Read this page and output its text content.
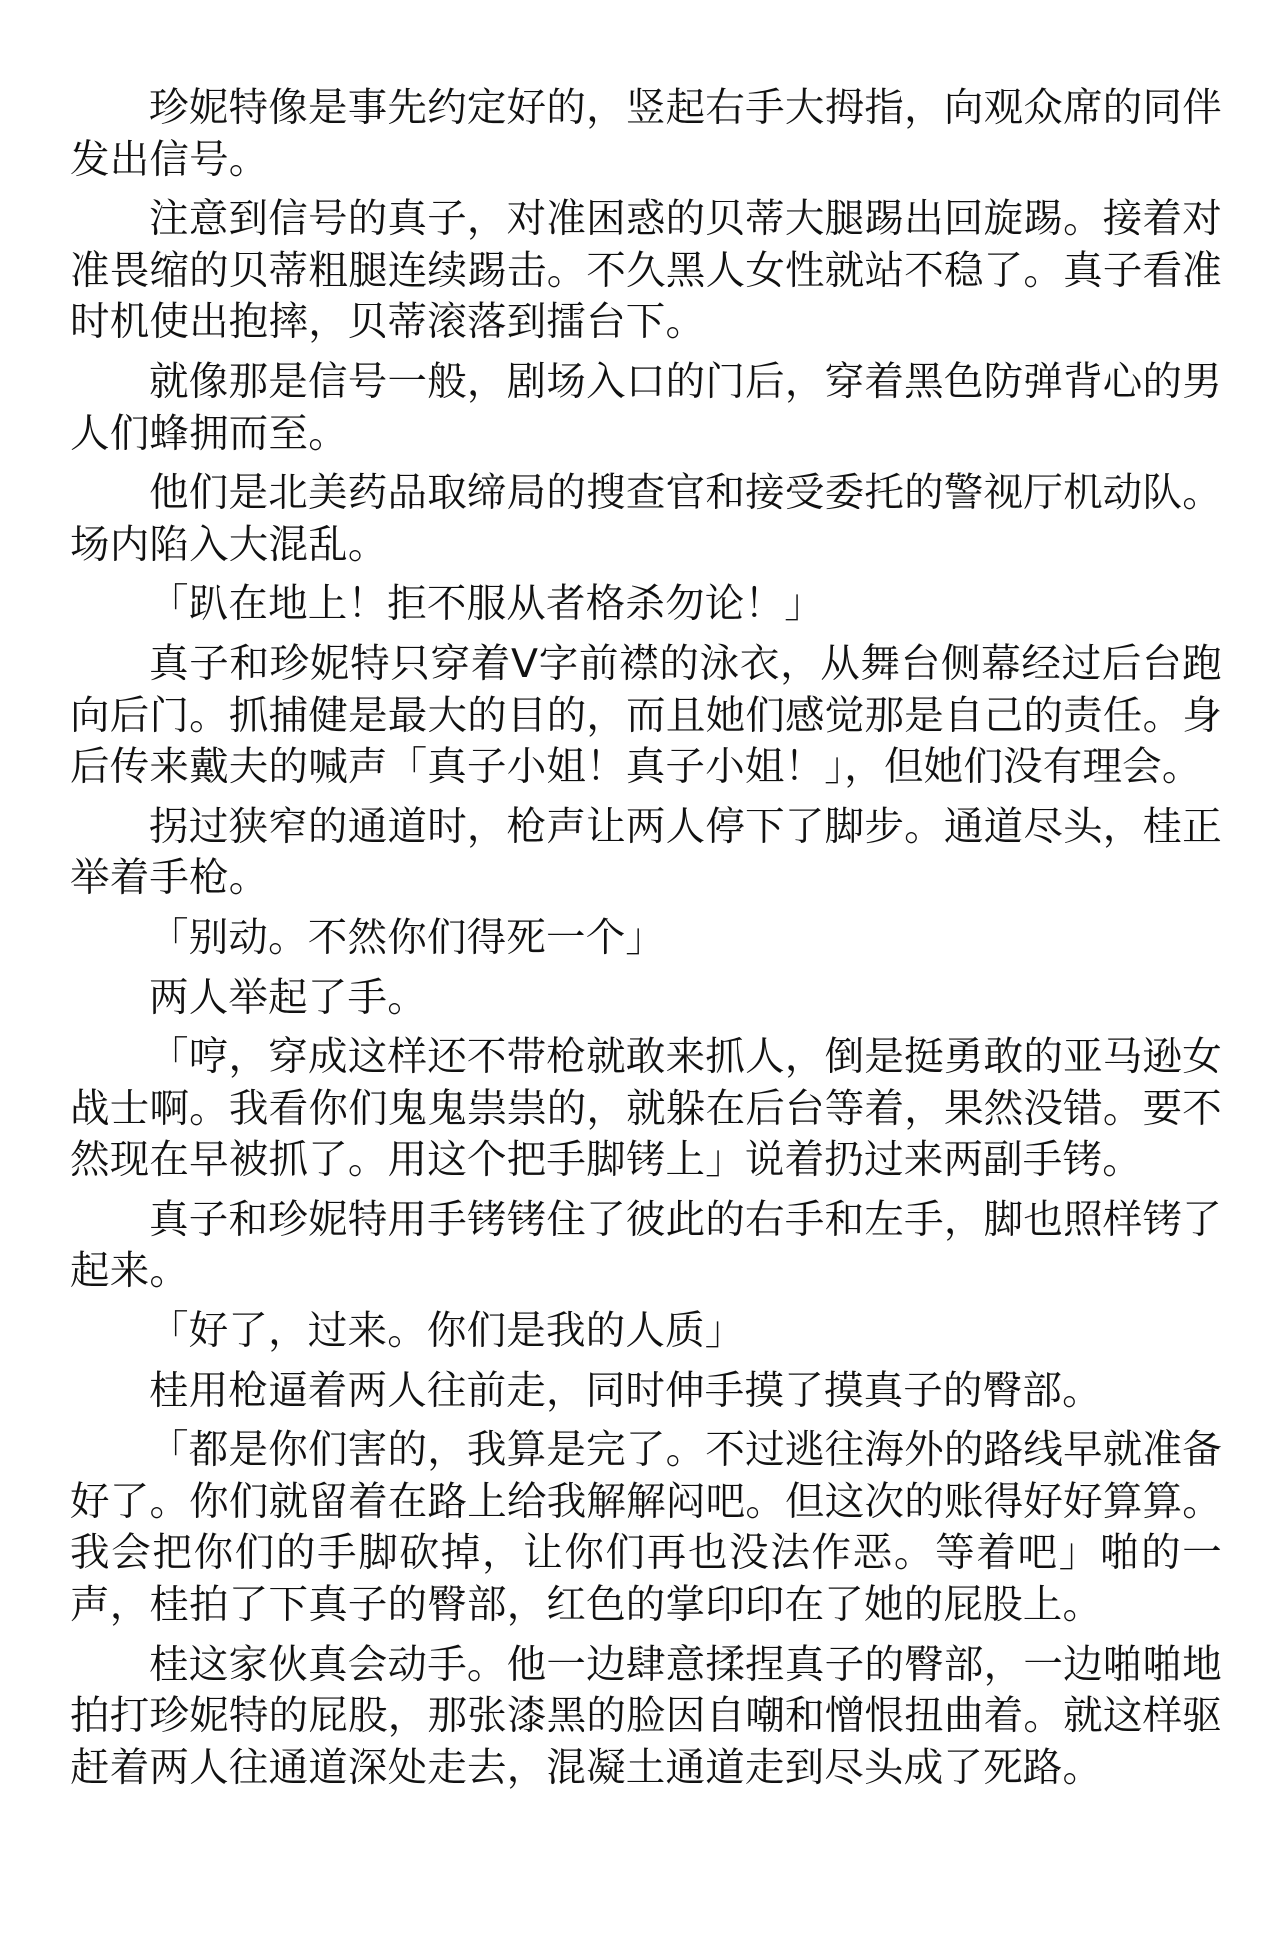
珍妮特像是事先约定好的，竖起右手大拇指，向观众席的同伴发出信号。

注意到信号的真子，对准困惑的贝蒂大腿踢出回旋踢。接着对准畏缩的贝蒂粗腿连续踢击。不久黑人女性就站不稳了。真子看准时机使出抱摔，贝蒂滚落到擂台下。

就像那是信号一般，剧场入口的门后，穿着黑色防弹背心的男人们蜂拥而至。

他们是北美药品取缔局的搜查官和接受委托的警视厅机动队。场内陷入大混乱。

「趴在地上！拒不服从者格杀勿论！」

真子和珍妮特只穿着V字前襟的泳衣，从舞台侧幕经过后台跑向后门。抓捕健是最大的目的，而且她们感觉那是自己的责任。身后传来戴夫的喊声「真子小姐！真子小姐！」，但她们没有理会。

拐过狭窄的通道时，枪声让两人停下了脚步。通道尽头，桂正举着手枪。

「别动。不然你们得死一个」

两人举起了手。

「哼，穿成这样还不带枪就敢来抓人，倒是挺勇敢的亚马逊女战士啊。我看你们鬼鬼祟祟的，就躲在后台等着，果然没错。要不然现在早被抓了。用这个把手脚铐上」说着扔过来两副手铐。

真子和珍妮特用手铐铐住了彼此的右手和左手，脚也照样铐了起来。

「好了，过来。你们是我的人质」

桂用枪逼着两人往前走，同时伸手摸了摸真子的臀部。

「都是你们害的，我算是完了。不过逃往海外的路线早就准备好了。你们就留着在路上给我解解闷吧。但这次的账得好好算算。我会把你们的手脚砍掉，让你们再也没法作恶。等着吧」啪的一声，桂拍了下真子的臀部，红色的掌印印在了她的屁股上。

桂这家伙真会动手。他一边肆意揉捏真子的臀部，一边啪啪地拍打珍妮特的屁股，那张漆黑的脸因自嘲和憎恨扭曲着。就这样驱赶着两人往通道深处走去，混凝土通道走到尽头成了死路。
